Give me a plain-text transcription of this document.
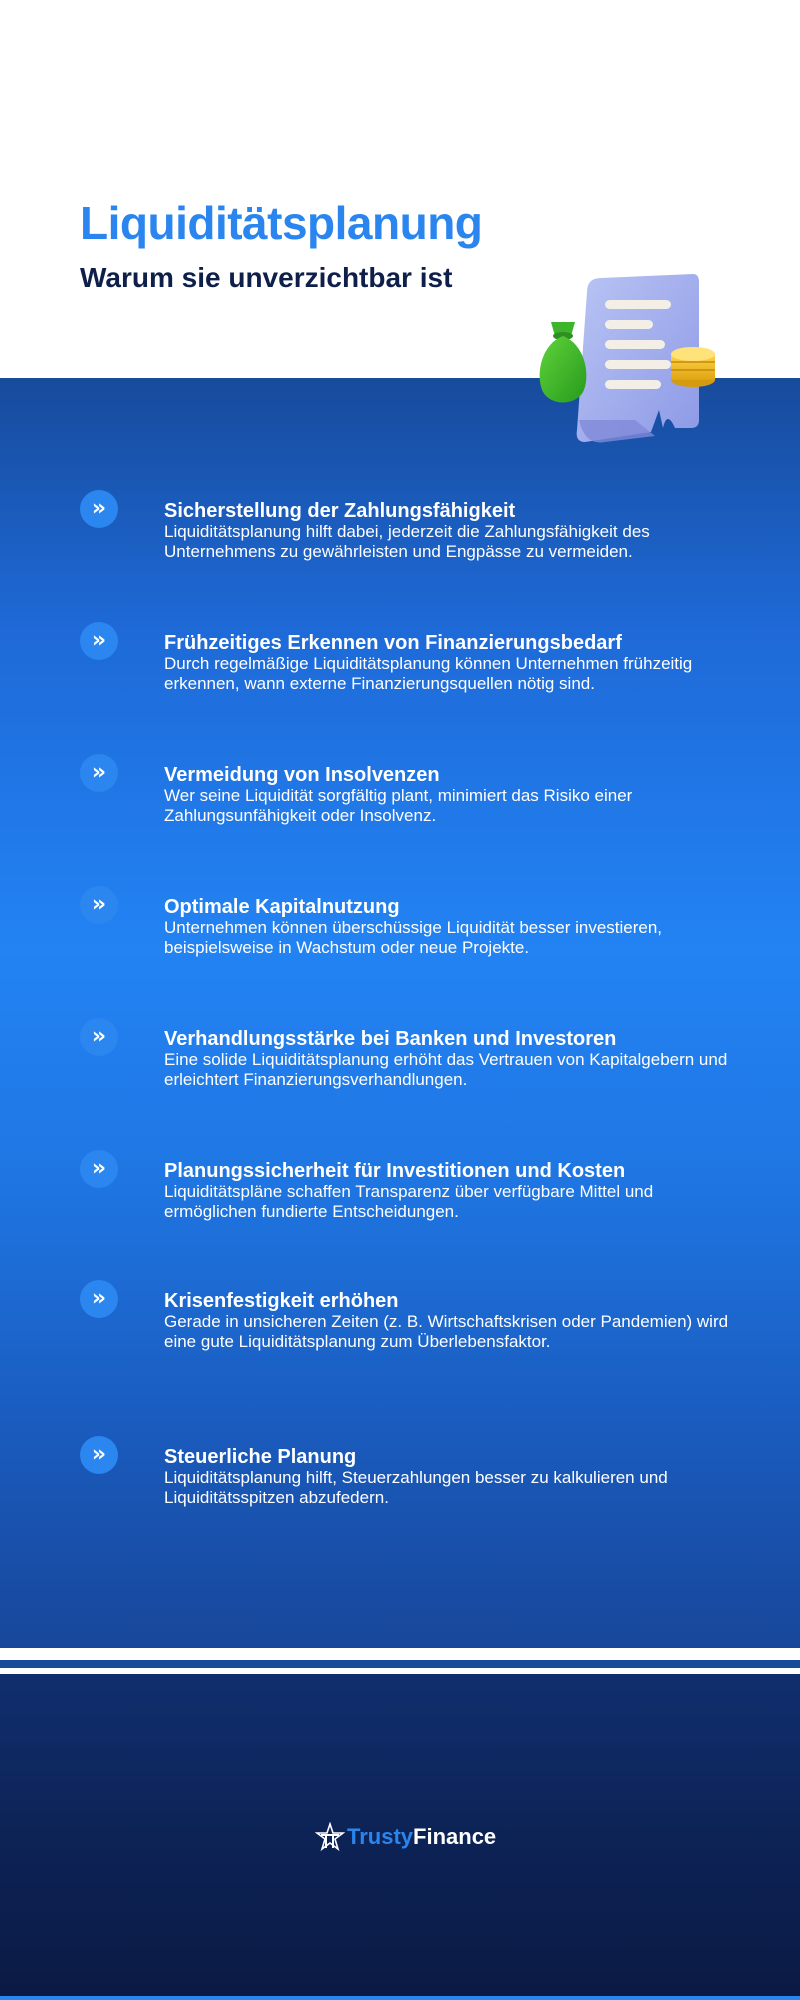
Liquiditätsplanung
Warum sie unverzichtbar ist
»	Sicherstellung der Zahlungsfähigkeit
Liquiditätsplanung hilft dabei, jederzeit die Zahlungsfähigkeit des Unternehmens zu gewährleisten und Engpässe zu vermeiden.
»	Frühzeitiges Erkennen von Finanzierungsbedarf
Durch regelmäßige Liquiditätsplanung können Unternehmen frühzeitig erkennen, wann externe Finanzierungsquellen nötig sind.
»	Vermeidung von Insolvenzen
Wer seine Liquidität sorgfältig plant, minimiert das Risiko einer Zahlungsunfähigkeit oder Insolvenz.
»	Optimale Kapitalnutzung
Unternehmen können überschüssige Liquidität besser investieren, beispielsweise in Wachstum oder neue Projekte.
»	Verhandlungsstärke bei Banken und Investoren
Eine solide Liquiditätsplanung erhöht das Vertrauen von Kapitalgebern und erleichtert Finanzierungsverhandlungen.
»	Planungssicherheit für Investitionen und Kosten
Liquiditätspläne schaffen Transparenz über verfügbare Mittel und ermöglichen fundierte Entscheidungen.
»	Krisenfestigkeit erhöhen
Gerade in unsicheren Zeiten (z. B. Wirtschaftskrisen oder Pandemien) wird eine gute Liquiditätsplanung zum Überlebensfaktor.
»	Steuerliche Planung
Liquiditätsplanung hilft, Steuerzahlungen besser zu kalkulieren und Liquiditätsspitzen abzufedern.
Trusty Finance
